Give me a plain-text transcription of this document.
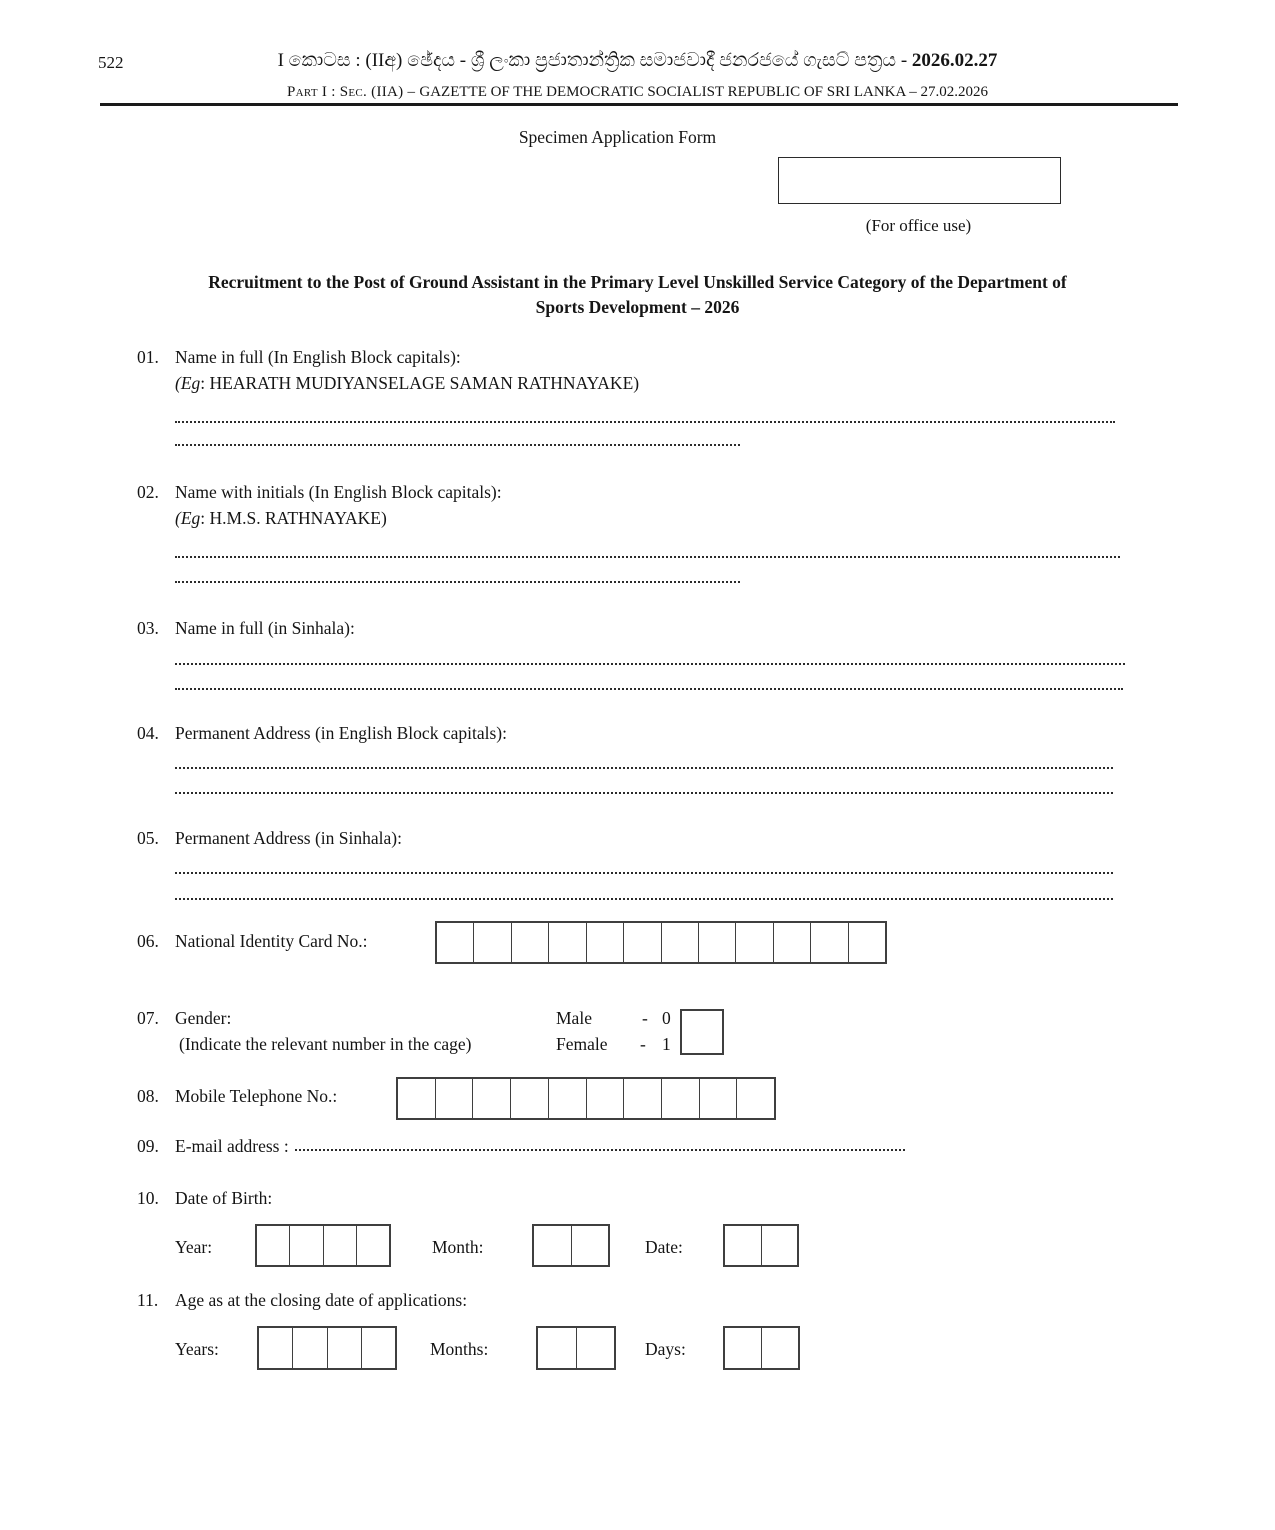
522	I කොටස : (IIඅ) ඡේදය - ශ්‍රී ලංකා ප්‍රජාතාන්ත්‍රික සමාජවාදී ජනරජයේ ගැසට් පත්‍රය - 2026.02.27
Part I : Sec. (IIA) – GAZETTE OF THE DEMOCRATIC SOCIALIST REPUBLIC OF SRI LANKA – 27.02.2026
Specimen Application Form
(For office use)
Recruitment to the Post of Ground Assistant in the Primary Level Unskilled Service Category of the Department of
Sports Development – 2026
01. Name in full (In English Block capitals):
(Eg: HEARATH MUDIYANSELAGE SAMAN RATHNAYAKE)
02. Name with initials (In English Block capitals):
(Eg: H.M.S. RATHNAYAKE)
03. Name in full (in Sinhala):
04. Permanent Address (in English Block capitals):
05. Permanent Address (in Sinhala):
06. National Identity Card No.:
07. Gender:
(Indicate the relevant number in the cage)
Male	- 0
Female - 1
08. Mobile Telephone No.:
09. E-mail address :
10. Date of Birth:
Year:	Month:	Date:
11. Age as at the closing date of applications:
Years:	Months:	Days:
